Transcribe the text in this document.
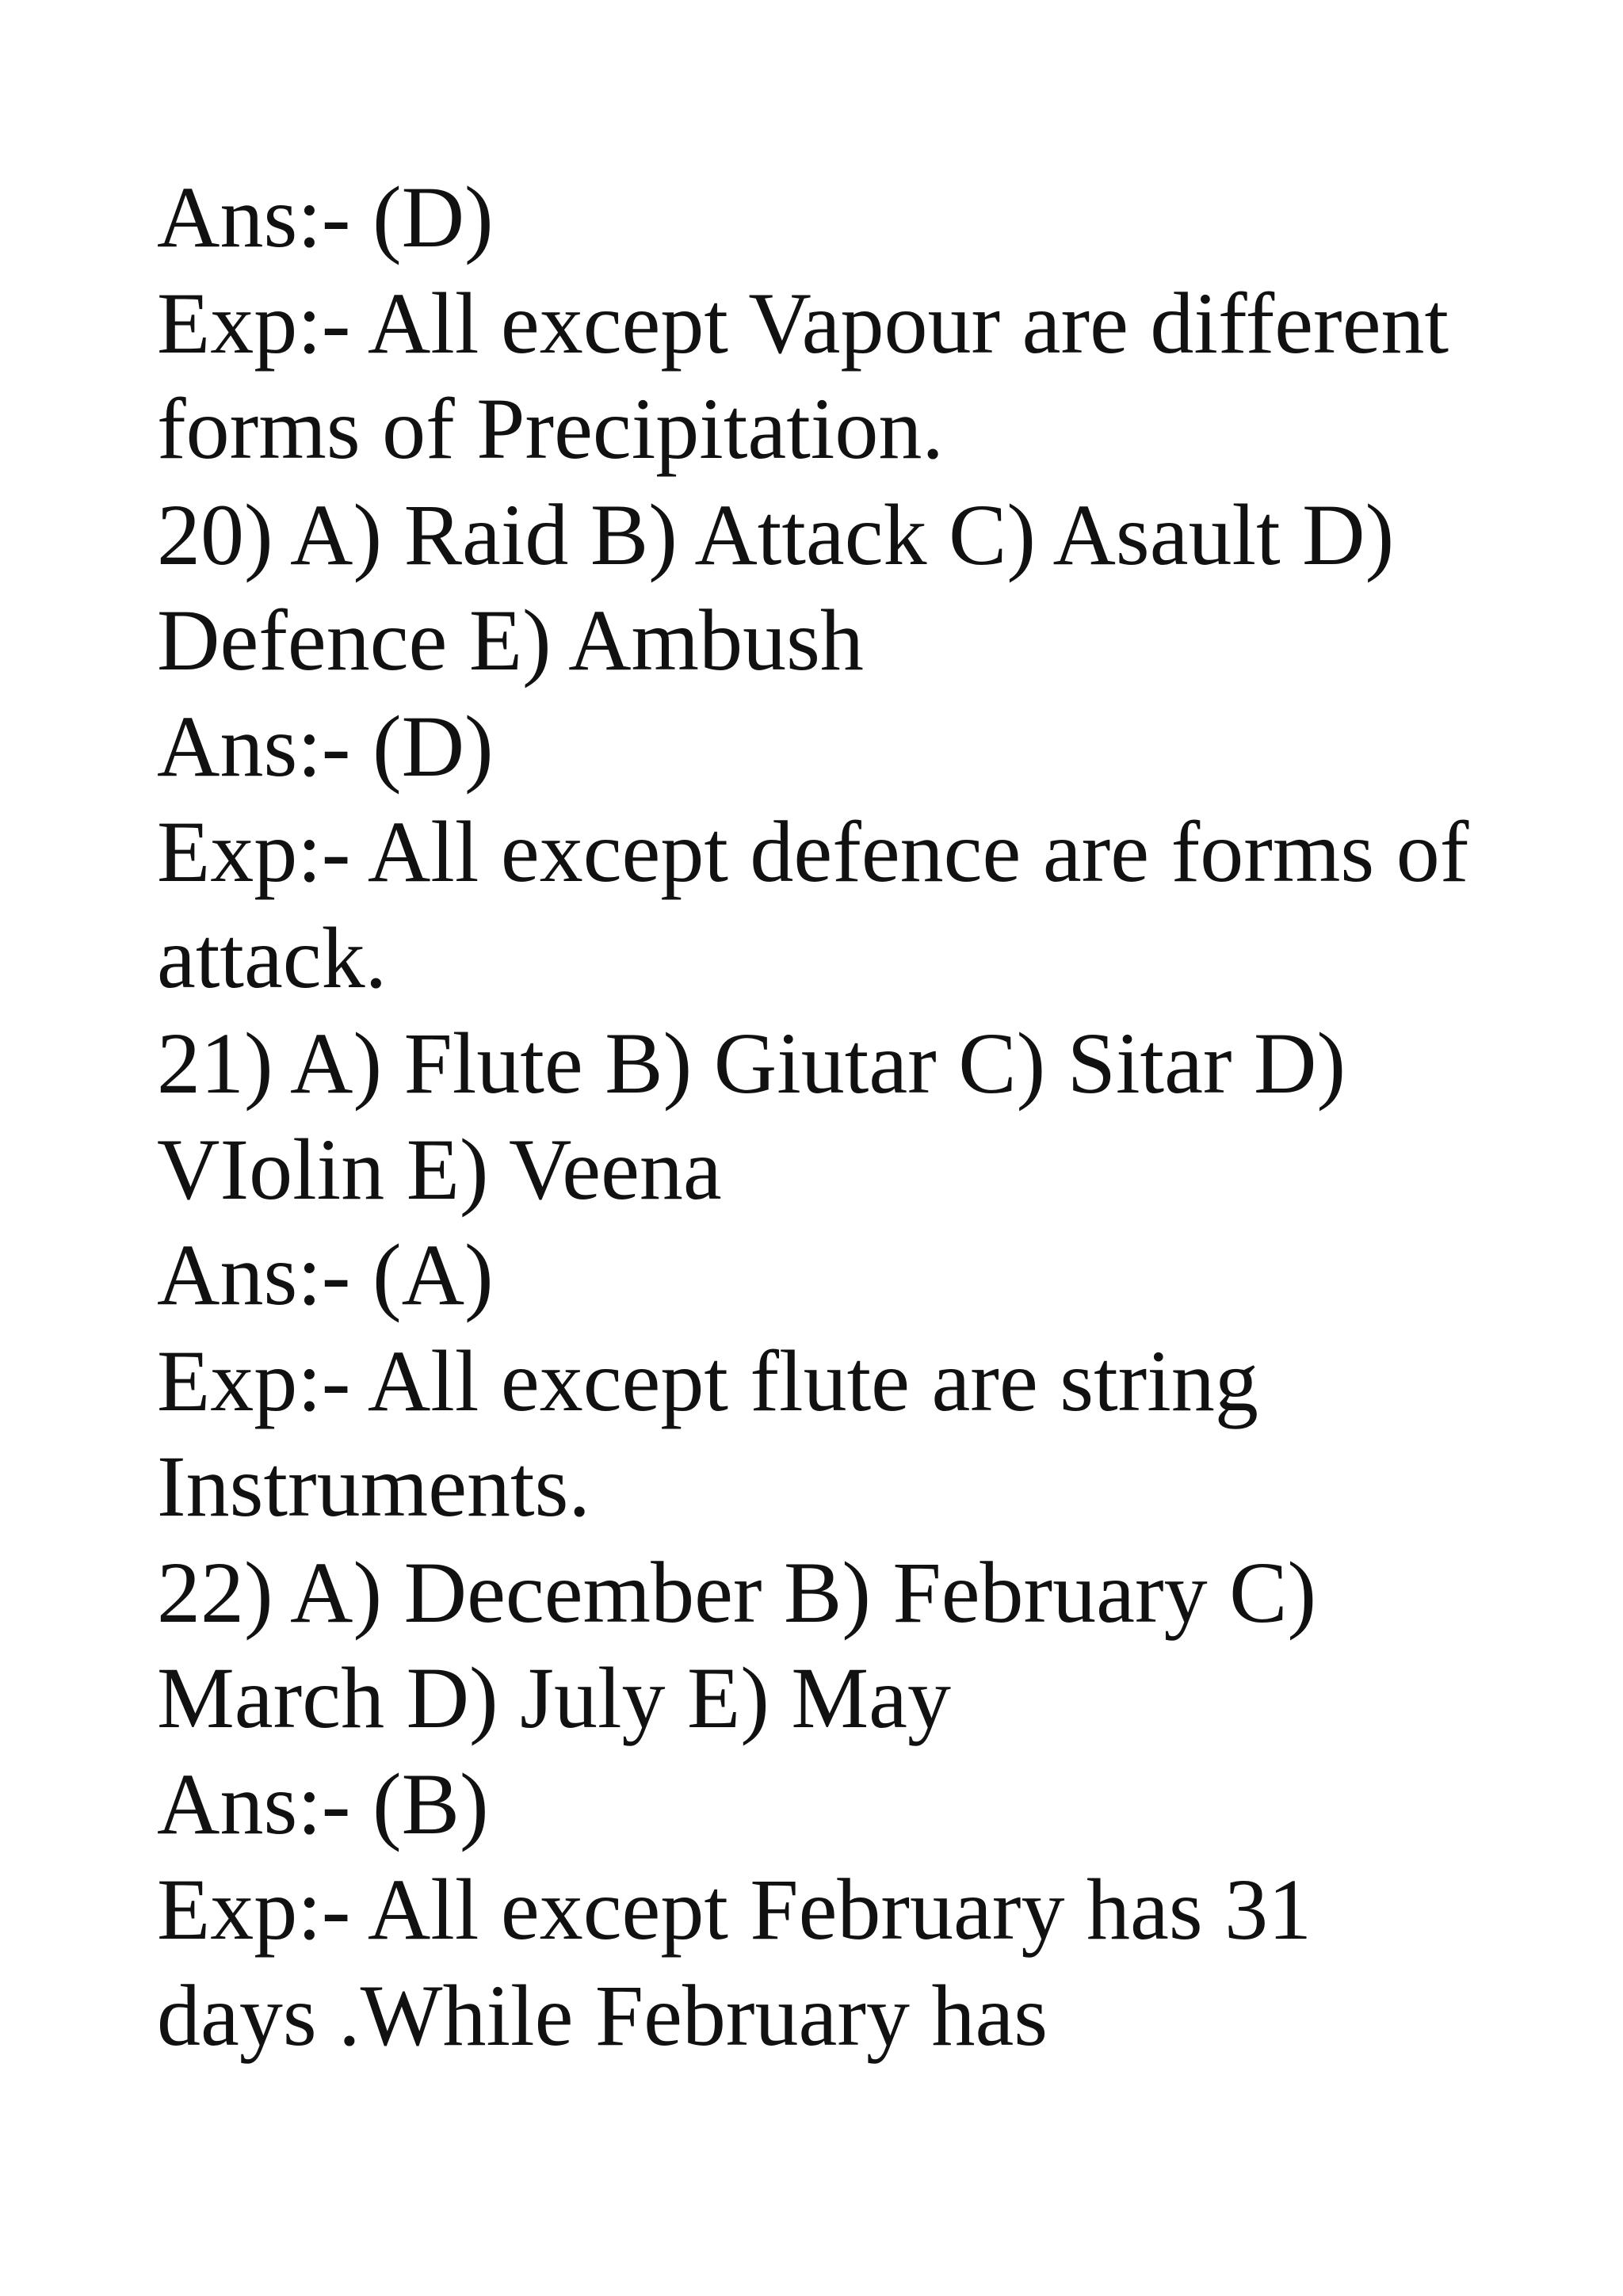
Ans:- (D)
Exp:- All except Vapour are different
forms of Precipitation.
20) A) Raid B) Attack C) Asault D)
Defence E) Ambush
Ans:- (D)
Exp:- All except defence are forms of
attack.
21) A) Flute B) Giutar C) Sitar D)
VIolin E) Veena
Ans:- (A)
Exp:- All except flute are string
Instruments.
22) A) December B) February C)
March D) July E) May
Ans:- (B)
Exp:- All except February has 31
days .While February has
